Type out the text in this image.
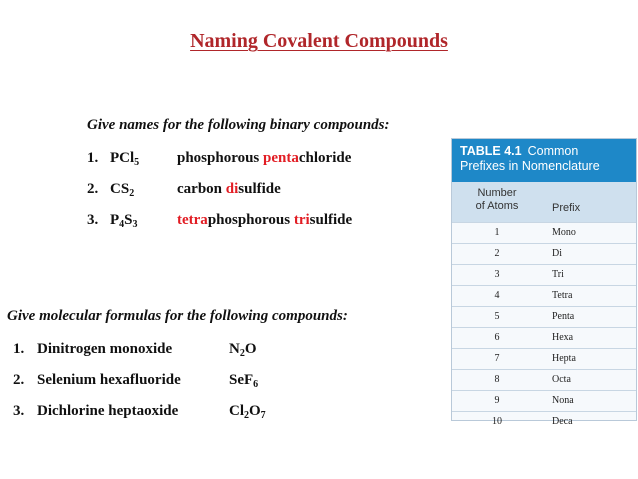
Naming Covalent Compounds
Give names for the following binary compounds:
1. PCl$_5$	phosphorous pentachloride
2. $CS_2$	carbon disulfide
3. $P_4S_3$	tetraphosphorous trisulfide
Give molecular formulas for the following compounds:
1. Dinitrogen monoxide	$N_2O$
2. Selenium hexafluoride	SeF$_6$
3. Dichlorine heptaoxide	$Cl_2O_7$
TABLE 4.1 Common
Prefixes in Nomenclature
Number
of Atoms	Prefix
1	Mono
2	Di
3	Tri
4	Tetra
5	Penta
6	Hexa
7	Hepta
8	Octa
9	Nona
10	Deca
